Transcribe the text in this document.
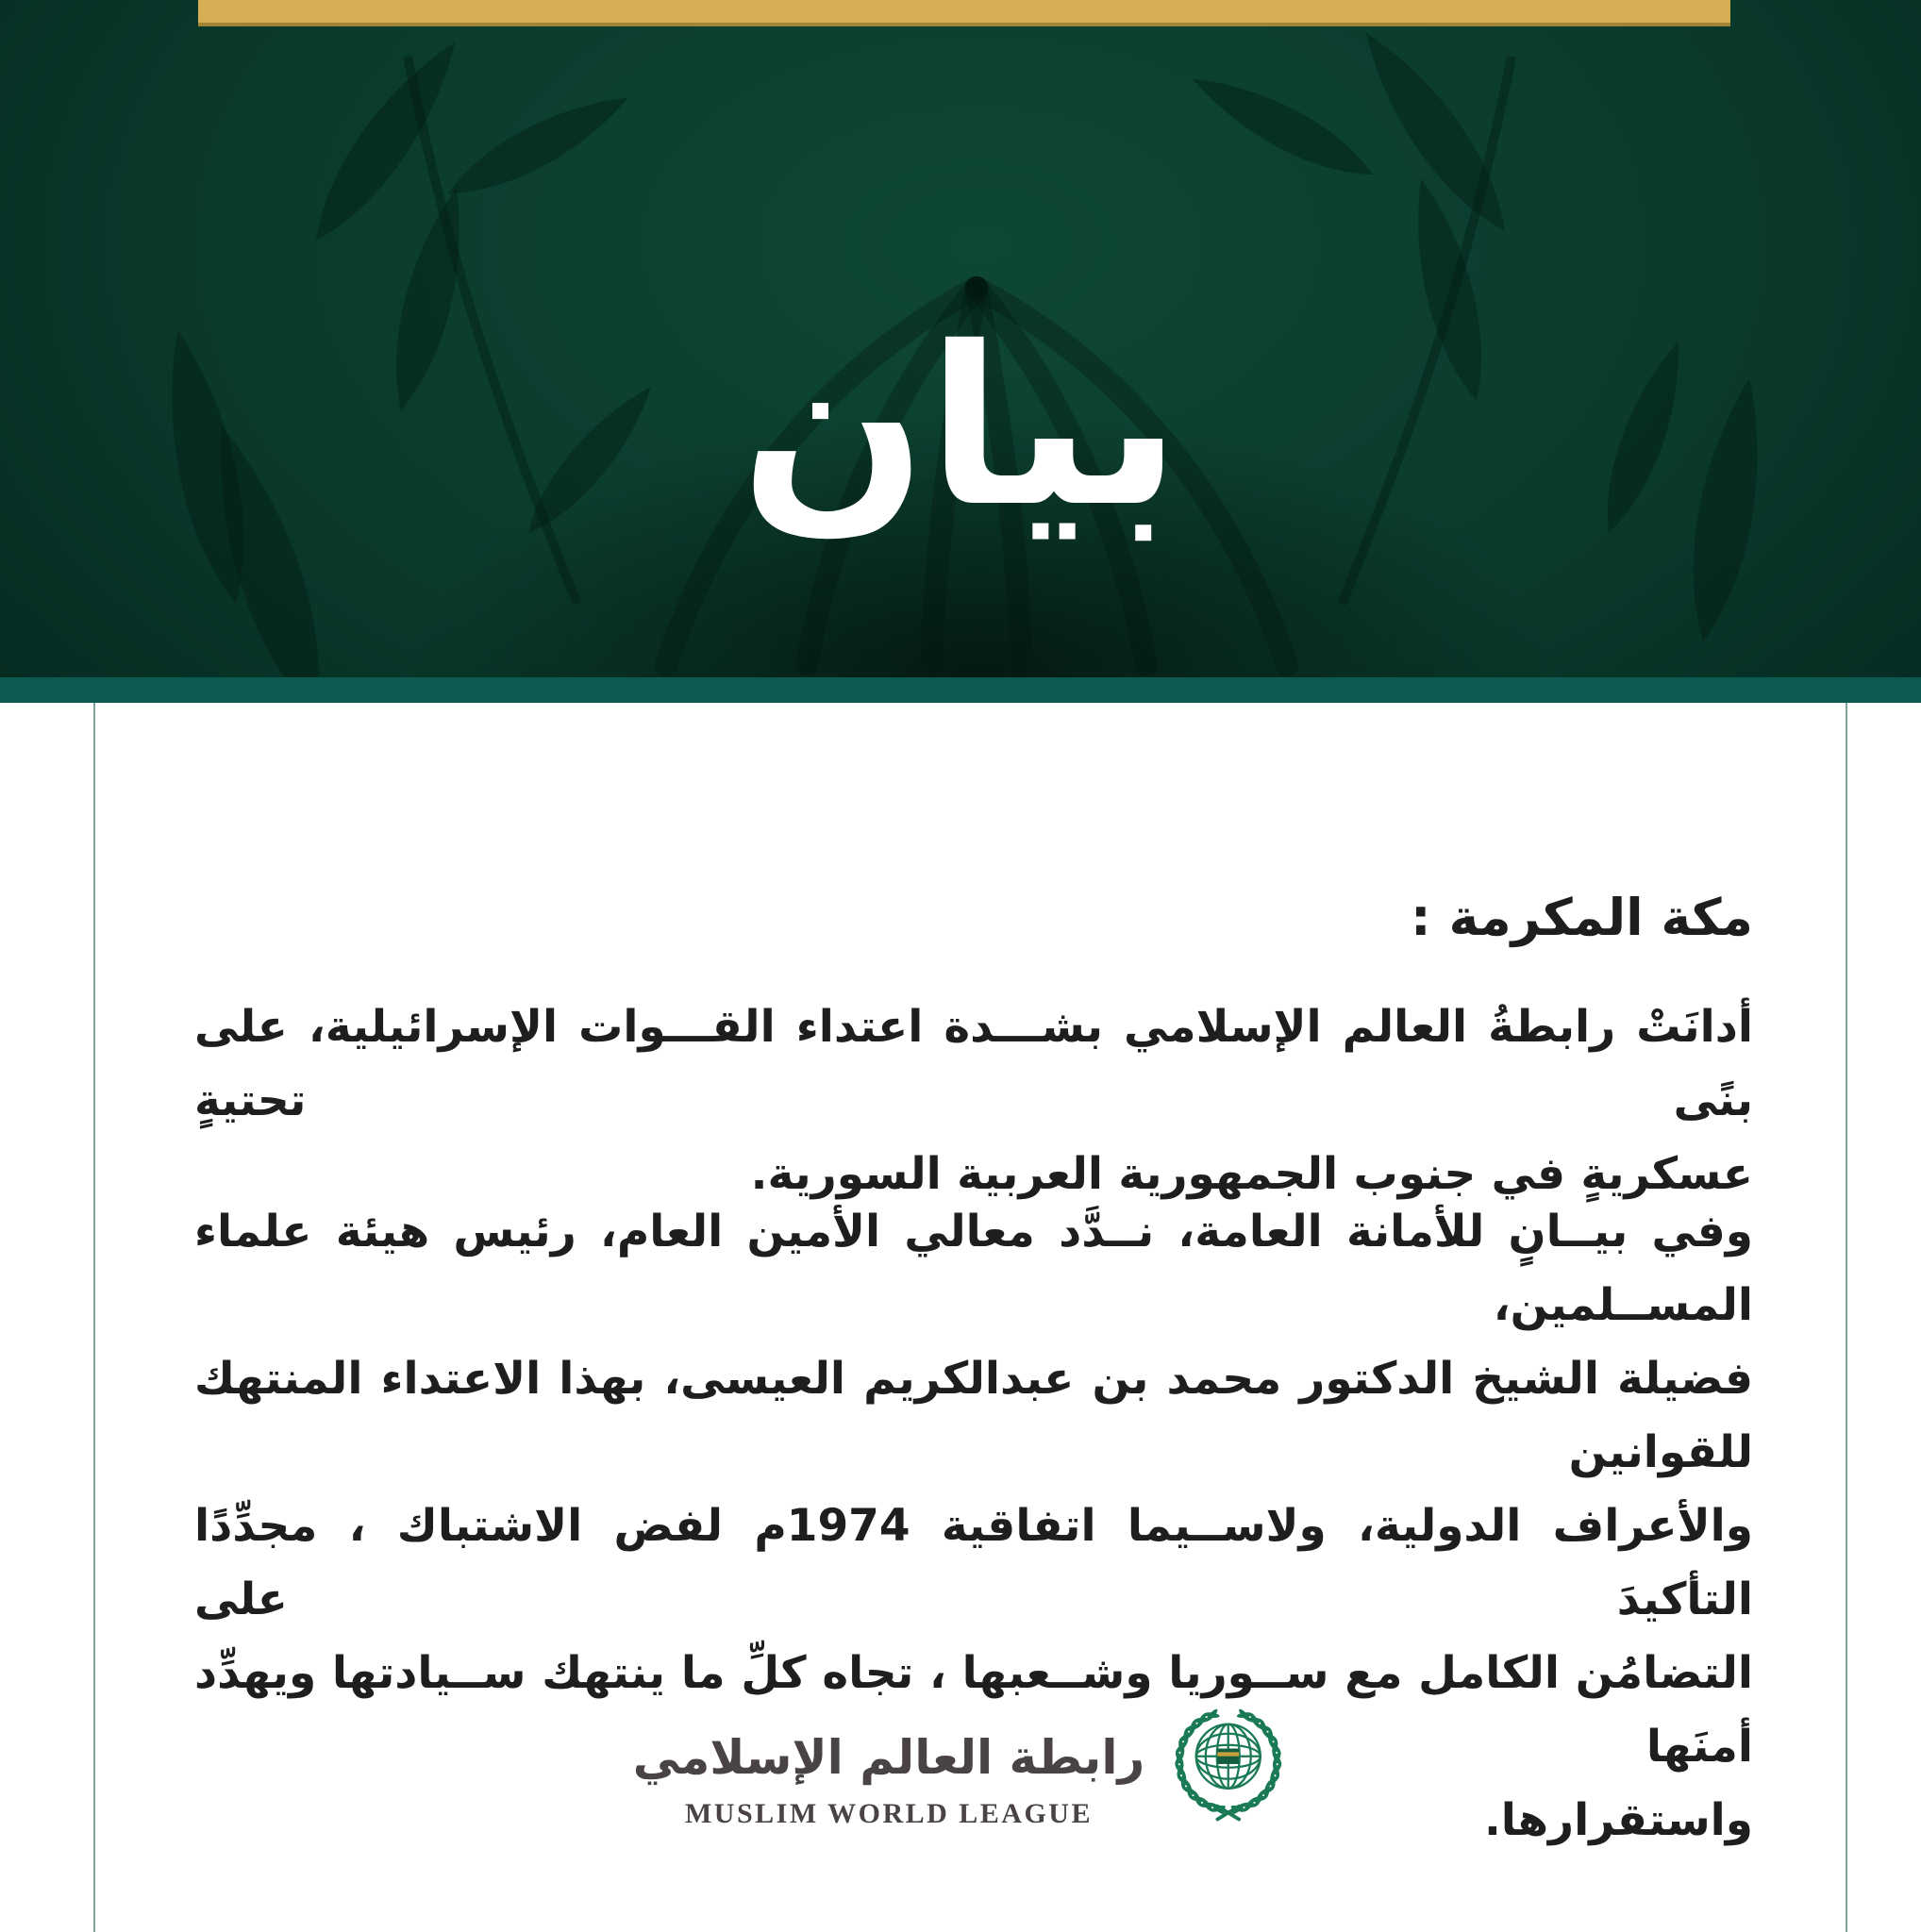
بيان
مكة المكرمة :
أدانَتْ رابطةُ العالم الإسلامي بشـــدة اعتداء القـــوات الإسرائيلية، على بنًى تحتيةٍ
عسكريةٍ في جنوب الجمهورية العربية السورية.
وفي بيــانٍ للأمانة العامة، نــدَّد معالي الأمين العام، رئيس هيئة علماء المســلمين،
فضيلة الشيخ الدكتور محمد بن عبدالكريم العيسى، بهذا الاعتداء المنتهك للقوانين
والأعراف الدولية، ولاســيما اتفاقية 1974م لفض الاشتباك ، مجدِّدًا التأكيدَ على
التضامُن الكامل مع ســوريا وشــعبها ، تجاه كلِّ ما ينتهك ســيادتها ويهدِّد أمنَها
واستقرارها.
رابطة العالم الإسلامي
MUSLIM WORLD LEAGUE
